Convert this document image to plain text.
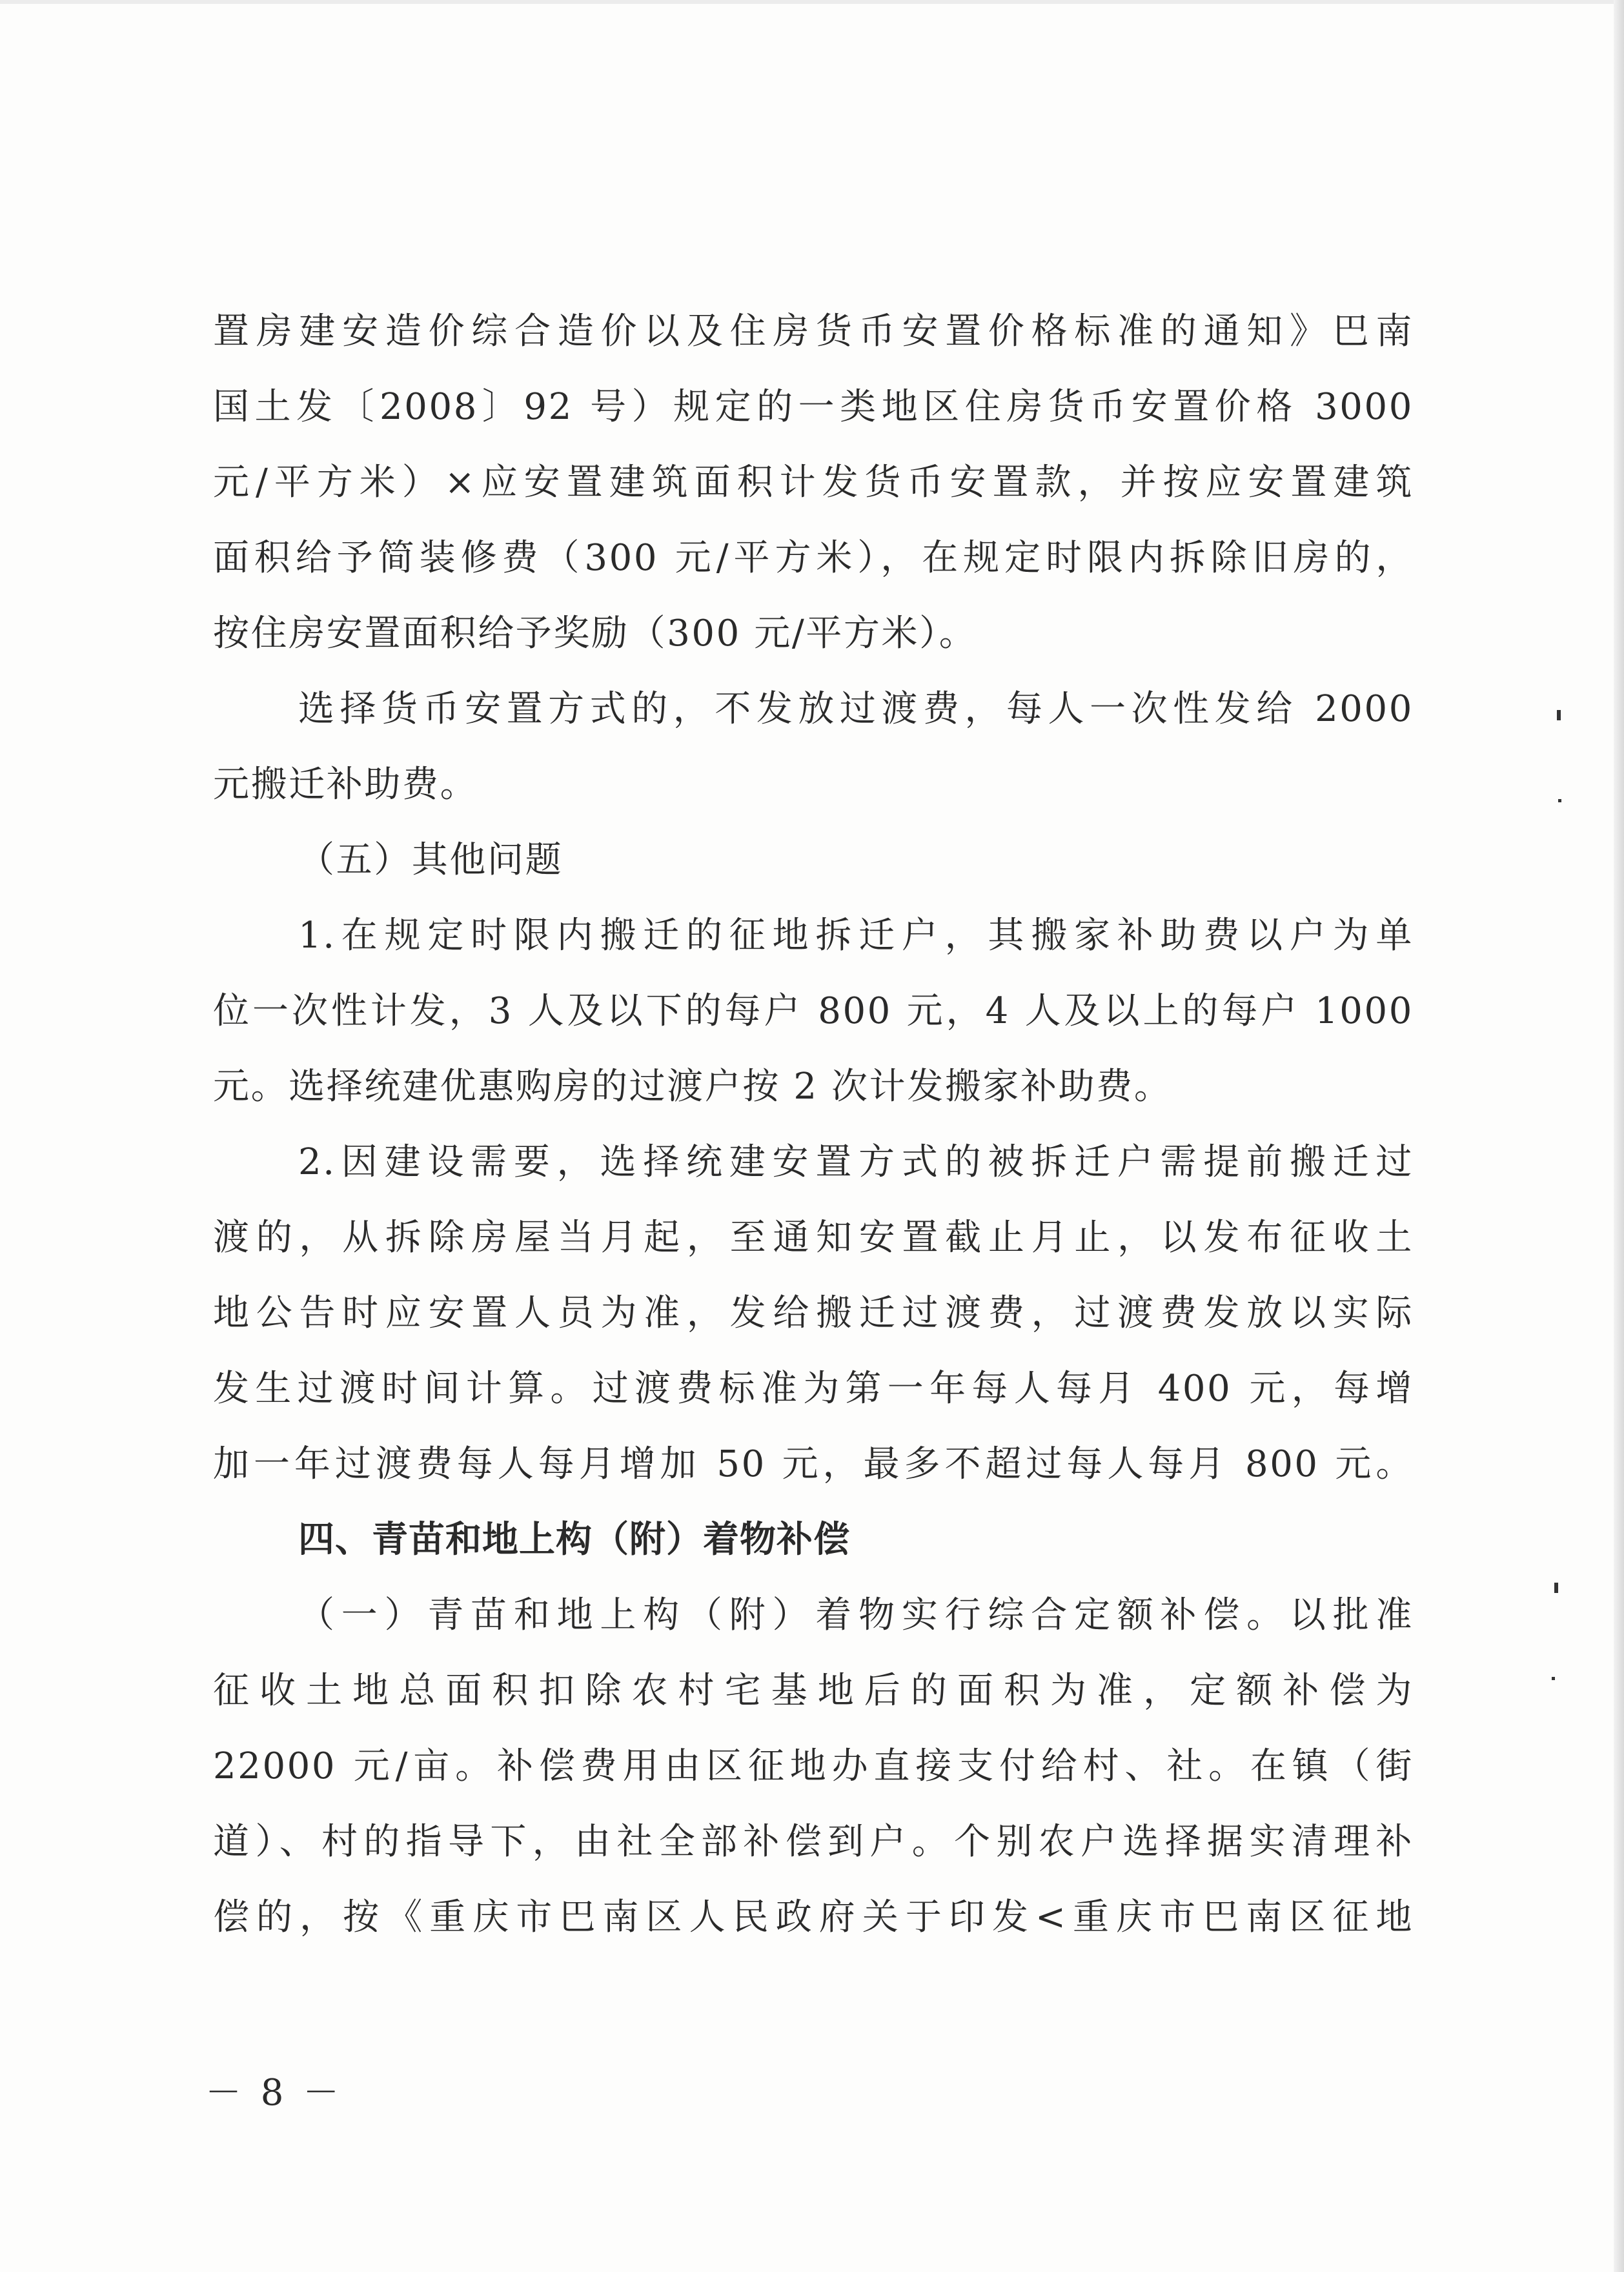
置房建安造价综合造价以及住房货币安置价格标准的通知》巴南
国土发〔2008〕92 号）规定的一类地区住房货币安置价格 3000
元/平方米）×应安置建筑面积计发货币安置款，并按应安置建筑
面积给予简装修费（300 元/平方米），在规定时限内拆除旧房的，
按住房安置面积给予奖励（300 元/平方米）。
选择货币安置方式的，不发放过渡费，每人一次性发给 2000
元搬迁补助费。
（五）其他问题
1.在规定时限内搬迁的征地拆迁户，其搬家补助费以户为单
位一次性计发，3 人及以下的每户 800 元，4 人及以上的每户 1000
元。选择统建优惠购房的过渡户按 2 次计发搬家补助费。
2.因建设需要，选择统建安置方式的被拆迁户需提前搬迁过
渡的，从拆除房屋当月起，至通知安置截止月止，以发布征收土
地公告时应安置人员为准，发给搬迁过渡费，过渡费发放以实际
发生过渡时间计算。过渡费标准为第一年每人每月 400 元，每增
加一年过渡费每人每月增加 50 元，最多不超过每人每月 800 元。
四、青苗和地上构（附）着物补偿
（一）青苗和地上构（附）着物实行综合定额补偿。以批准
征收土地总面积扣除农村宅基地后的面积为准，定额补偿为
22000 元/亩。补偿费用由区征地办直接支付给村、社。在镇（街
道）、村的指导下，由社全部补偿到户。个别农户选择据实清理补
偿的，按《重庆市巴南区人民政府关于印发<重庆市巴南区征地
－ 8 －
